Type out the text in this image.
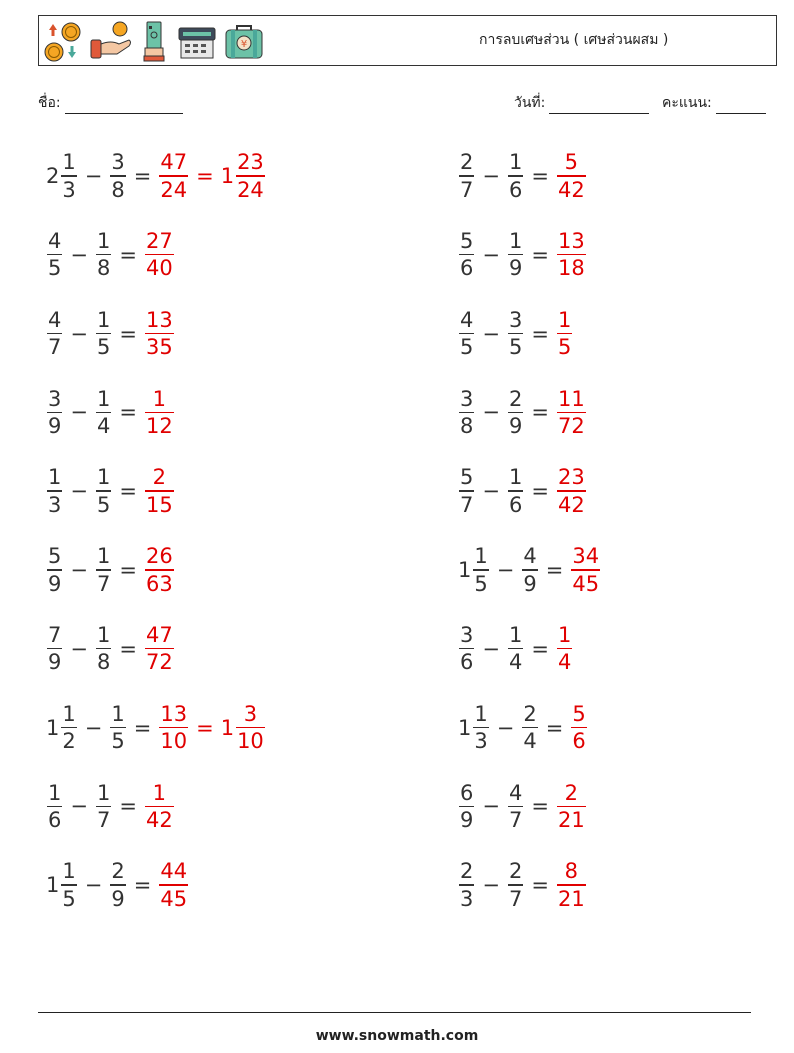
¥	การลบเศษส่วน ( เศษส่วนผสม )
ชื่อ:	วันที่:	คะแนน:
$2 \frac{1}{3} - \frac{3}{8} = \frac{47}{24} = 1 \frac{23}{24}$	$\frac{2}{7} - \frac{1}{6} = \frac{5}{42}$
$\frac{4}{5} - \frac{1}{8} = \frac{27}{40}$	$\frac{5}{6} - \frac{1}{9} = \frac{13}{18}$
$\frac{4}{7} - \frac{1}{5} = \frac{13}{35}$	$\frac{4}{5} - \frac{3}{5} = \frac{1}{5}$
$\frac{3}{9} - \frac{1}{4} = \frac{1}{12}$	$\frac{3}{8} - \frac{2}{9} = \frac{11}{72}$
$\frac{1}{3} - \frac{1}{5} = \frac{2}{15}$	$\frac{5}{7} - \frac{1}{6} = \frac{23}{42}$
$\frac{5}{9} - \frac{1}{7} = \frac{26}{63}$	$1 \frac{1}{5} - \frac{4}{9} = \frac{34}{45}$
$\frac{7}{9} - \frac{1}{8} = \frac{47}{72}$	$\frac{3}{6} - \frac{1}{4} = \frac{1}{4}$
$1 \frac{1}{2} - \frac{1}{5} = \frac{13}{10} = 1 \frac{3}{10}$	$1 \frac{1}{3} - \frac{2}{4} = \frac{5}{6}$
$\frac{1}{6} - \frac{1}{7} = \frac{1}{42}$	$\frac{6}{9} - \frac{4}{7} = \frac{2}{21}$
$1 \frac{1}{5} - \frac{2}{9} = \frac{44}{45}$	$\frac{2}{3} - \frac{2}{7} = \frac{8}{21}$
www.snowmath.com
